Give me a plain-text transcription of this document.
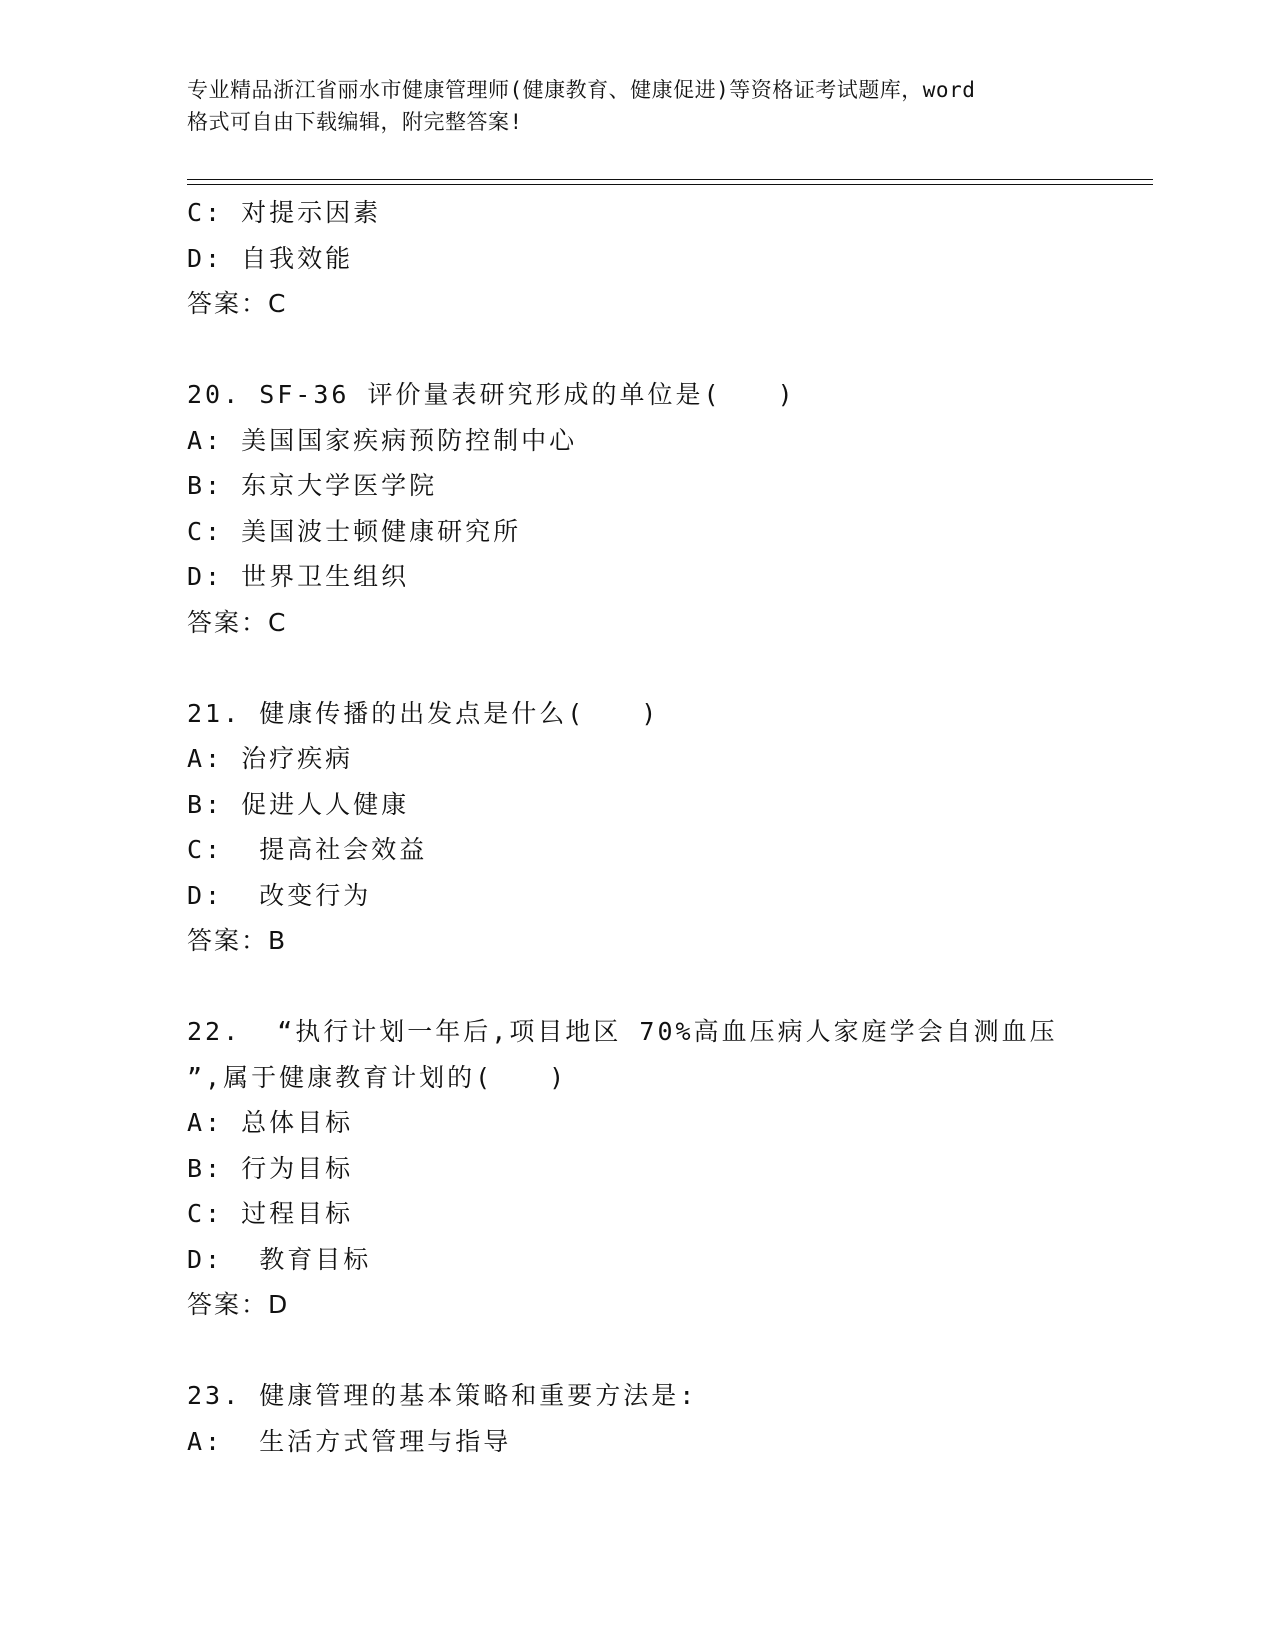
专业精品浙江省丽水市健康管理师(健康教育、健康促进)等资格证考试题库，word
格式可自由下载编辑，附完整答案!
C: 对提示因素
D: 自我效能
答案：C
20. SF-36 评价量表研究形成的单位是(　　)
A: 美国国家疾病预防控制中心
B: 东京大学医学院
C: 美国波士顿健康研究所
D: 世界卫生组织
答案：C
21. 健康传播的出发点是什么(　　)
A: 治疗疾病
B: 促进人人健康
C:  提高社会效益
D:  改变行为
答案：B
22.  “执行计划一年后,项目地区 70%高血压病人家庭学会自测血压
”,属于健康教育计划的(　　)
A: 总体目标
B: 行为目标
C: 过程目标
D:  教育目标
答案：D
23. 健康管理的基本策略和重要方法是:
A:  生活方式管理与指导
